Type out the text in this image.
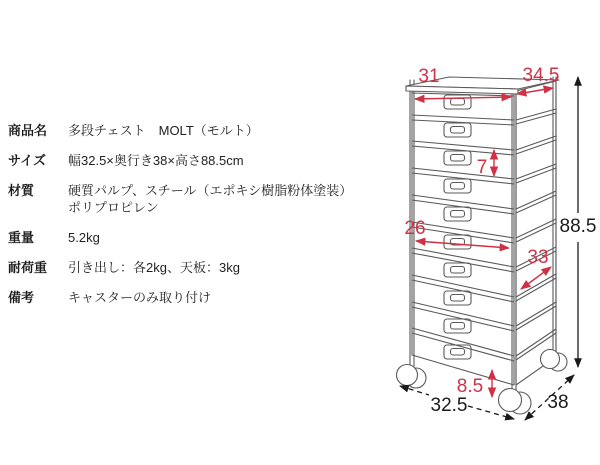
商品名	多段チェスト　MOLT（モルト）
サイズ	幅32.5×奥行き38×高さ88.5cm
材質	硬質パルプ、スチール（エポキシ樹脂粉体塗装）
ポリプロピレン
重量	5.2kg
耐荷重	引き出し：各2kg、天板：3kg
備考	キャスターのみ取り付け
31	34.5
7
26
33
8.5
88.5
32.5	38
